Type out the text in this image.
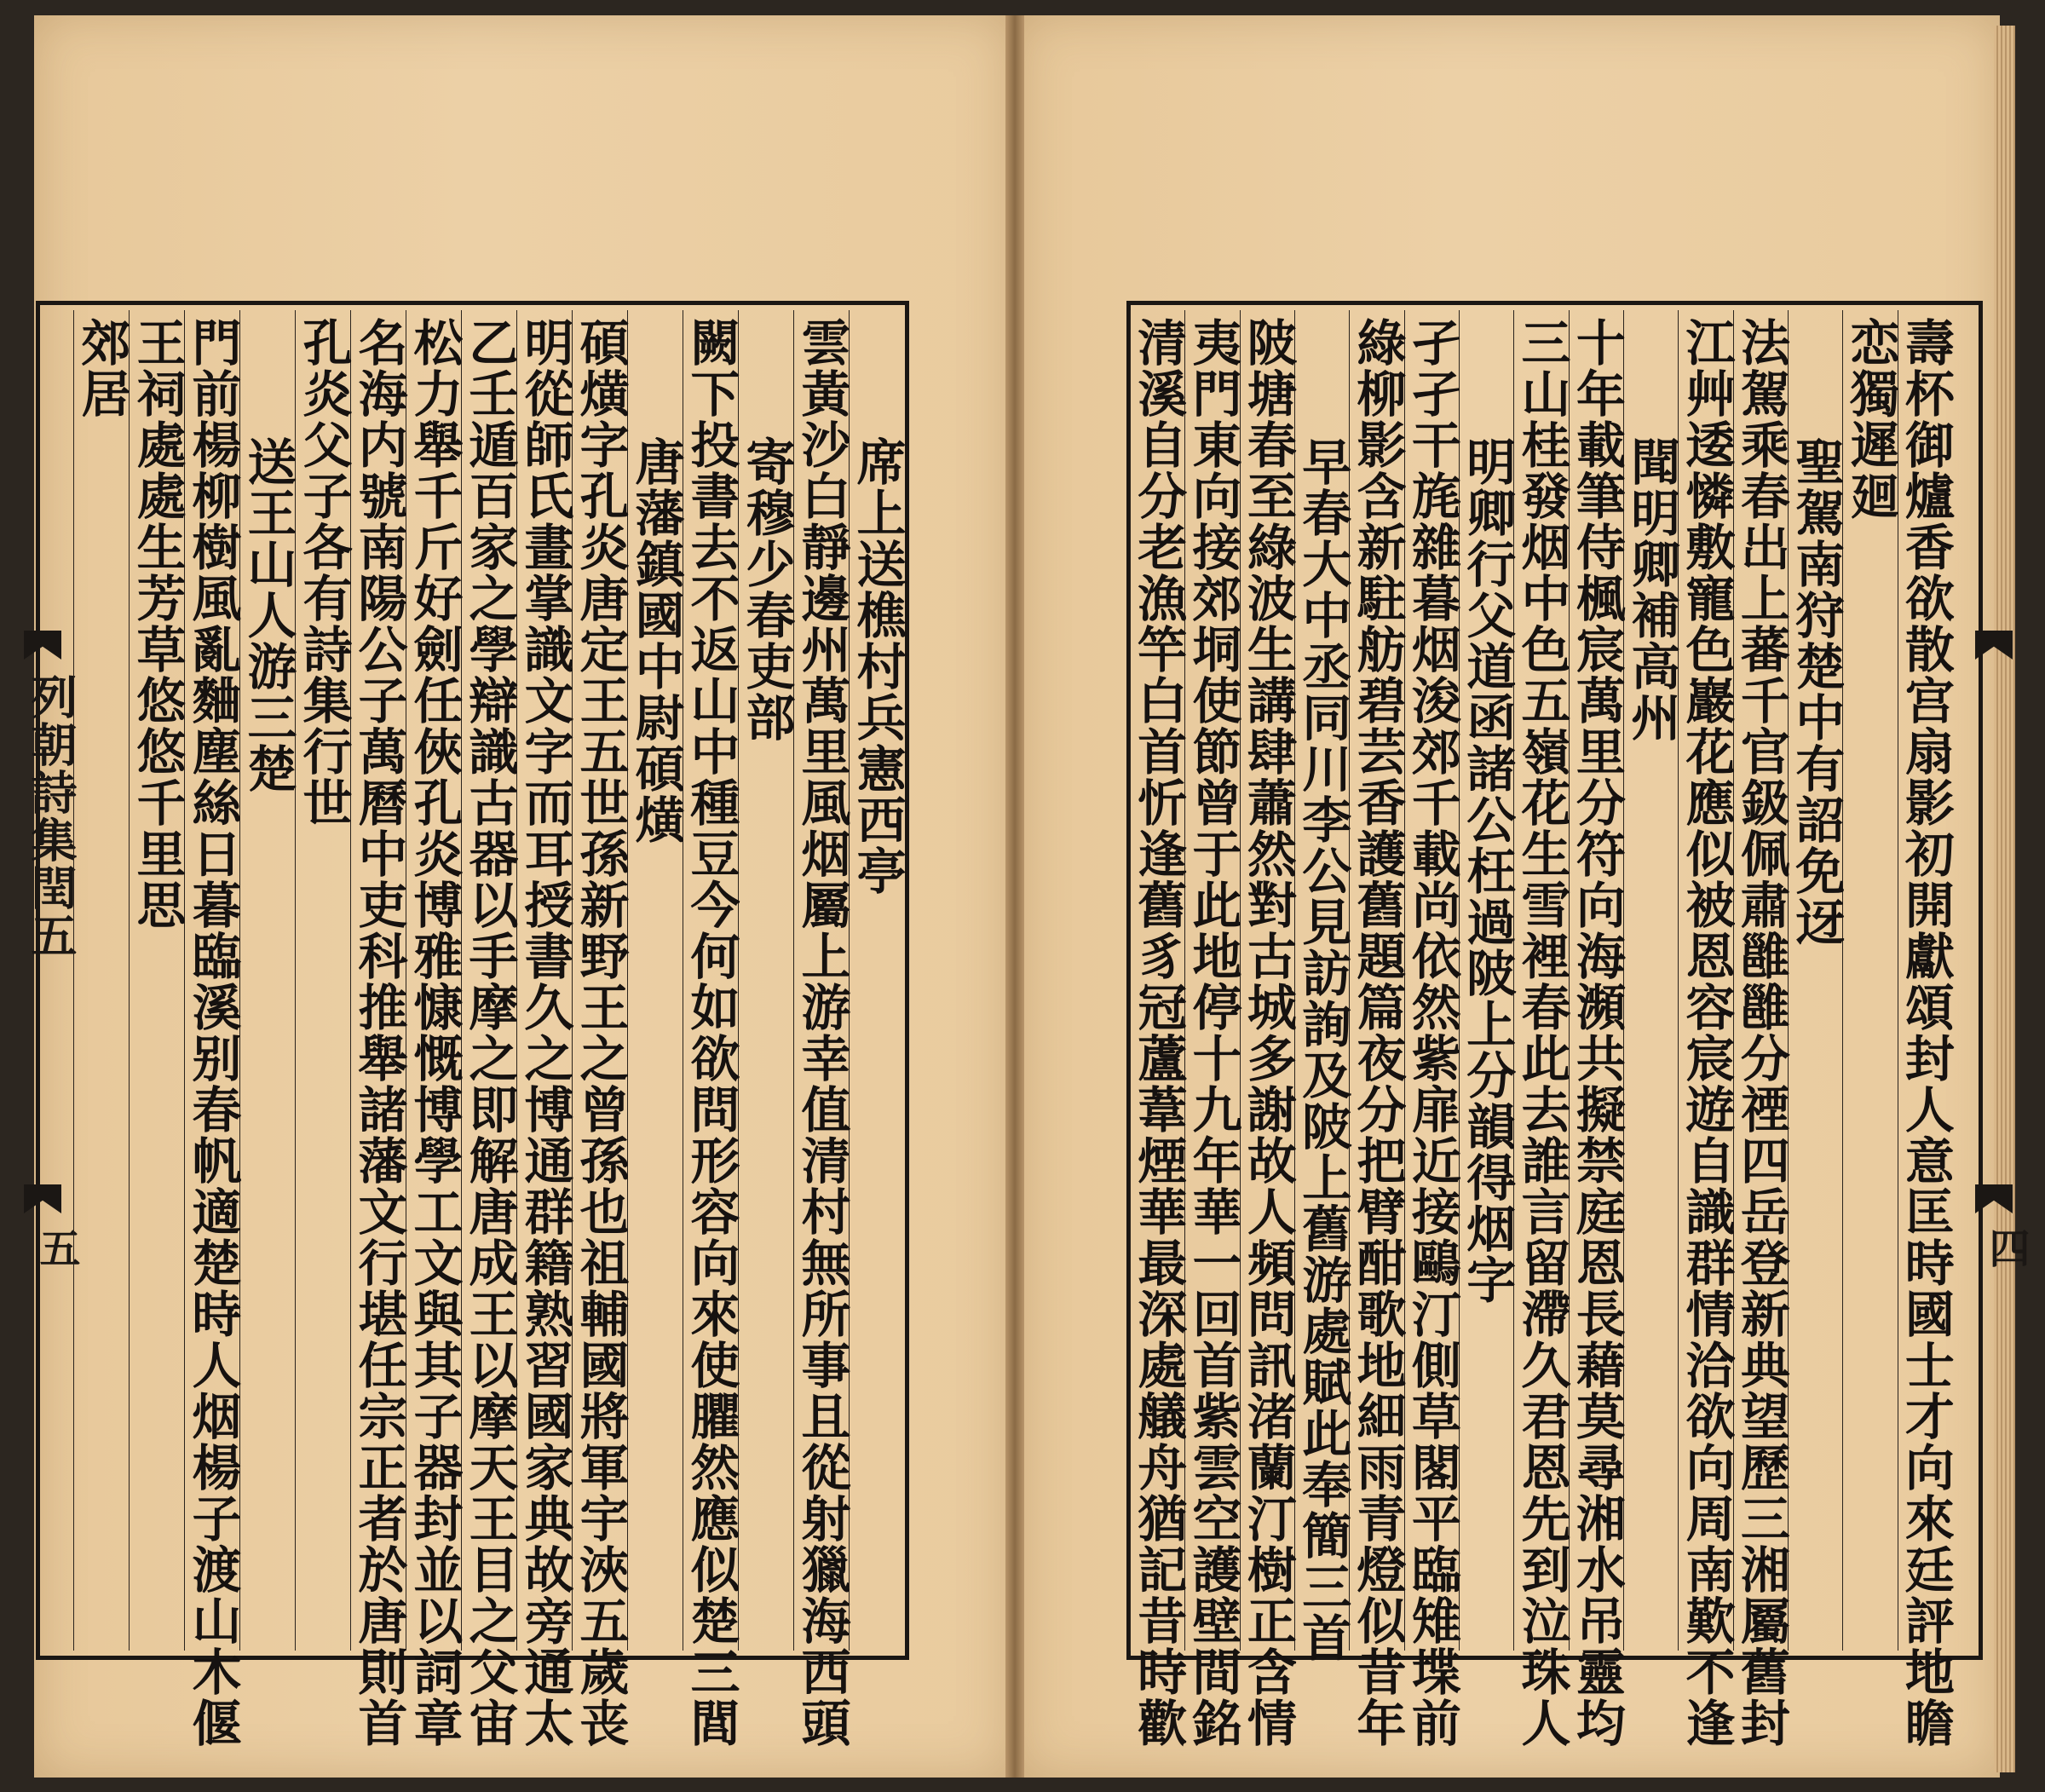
列朝詩集閏五
五
席上送樵村兵憲西亭
雲黃沙白靜邊州萬里風烟屬上游幸值清村無所事且從射獵海西頭
寄穆少春吏部
闕下投書去不返山中種豆今何如欲問形容向來使臞然應似楚三閭
唐藩鎮國中尉碩熿
碩熿字孔炎唐定王五世孫新野王之曾孫也祖輔國將軍宇浹五歲丧
明從師氏畫掌識文字而耳授書久之博通群籍熟習國家典故旁通太
乙壬遁百家之學辯識古器以手摩之即解唐成王以摩天王目之父宙
松力舉千斤好劍任俠孔炎博雅慷慨博學工文與其子器封並以詞章
名海内號南陽公子萬曆中吏科推舉諸藩文行堪任宗正者於唐則首
孔炎父子各有詩集行世
送王山人游三楚
門前楊柳樹風亂麯塵絲日暮臨溪别春帆適楚時人烟楊子渡山木偃
王祠處處生芳草悠悠千里思
郊居	壽杯御爐香欲散宫扇影初開獻頌封人意匡時國士才向來廷評地瞻
恋獨遲廻
聖駕南狩楚中有詔免迓
法駕乘春出上蕃千官鈒佩肅雝雝分禋四岳登新典望歷三湘屬舊封
江艸逶憐敷寵色巖花應似被恩容宸遊自識群情洽欲向周南歎不逢
聞明卿補高州
十年載筆侍楓宸萬里分符向海瀕共擬禁庭恩長藉莫尋湘水吊靈均
三山桂發烟中色五嶺花生雪裡春此去誰言留滯久君恩先到泣珠人
明卿行父道函諸公枉過陂上分韻得烟字
孑孑干旄雜暮烟浚郊千載尚依然紫扉近接鷗汀側草閣平臨雉堞前
綠柳影含新駐舫碧芸香護舊題篇夜分把臂酣歌地細雨青燈似昔年
早春大中丞同川李公見訪詢及陂上舊游處賦此奉簡三首
陂塘春至綠波生講肆蕭然對古城多謝故人頻問訊渚蘭汀樹正含情
夷門東向接郊垌使節曾于此地停十九年華一回首紫雲空護壁間銘
清溪自分老漁竿白首忻逢舊豸冠蘆葦煙華最深處艤舟猶記昔時歡	四
